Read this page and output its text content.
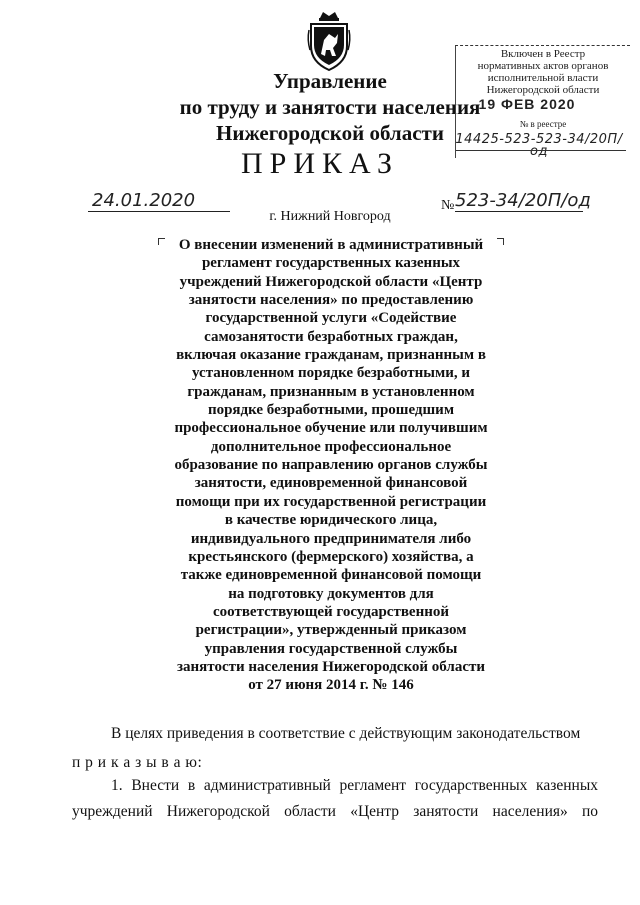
Управление
по труду и занятости населения
Нижегородской области
Включен в Реестр
нормативных актов органов
исполнительной власти
Нижегородской области
19 ФЕВ 2020
№ в реестре
14425-523-523-34/20П/од
ПРИКАЗ
24.01.2020	№ 523-34/20П/од
г. Нижний Новгород
О внесении изменений в административный
регламент государственных казенных
учреждений Нижегородской области «Центр
занятости населения» по предоставлению
государственной услуги «Содействие
самозанятости безработных граждан,
включая оказание гражданам, признанным в
установленном порядке безработными, и
гражданам, признанным в установленном
порядке безработными, прошедшим
профессиональное обучение или получившим
дополнительное профессиональное
образование по направлению органов службы
занятости, единовременной финансовой
помощи при их государственной регистрации
в качестве юридического лица,
индивидуального предпринимателя либо
крестьянского (фермерского) хозяйства, а
также единовременной финансовой помощи
на подготовку документов для
соответствующей государственной
регистрации», утвержденный приказом
управления государственной службы
занятости населения Нижегородской области
от 27 июня 2014 г. № 146
В целях приведения в соответствие с действующим законодательством
п р и к а з ы в а ю:
1. Внести в административный регламент государственных казенных
учреждений Нижегородской области «Центр занятости населения» по
